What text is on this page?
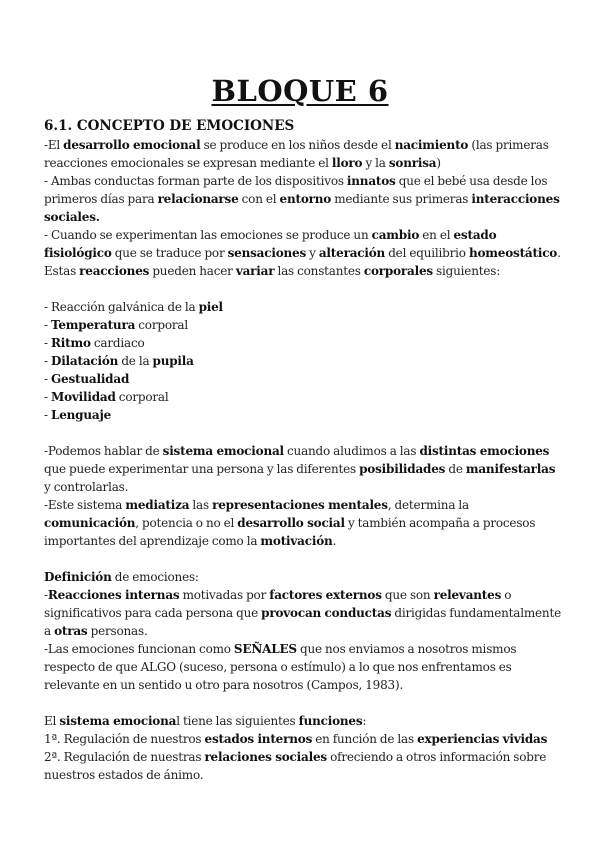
BLOQUE 6
6.1. CONCEPTO DE EMOCIONES

-El desarrollo emocional se produce en los niños desde el nacimiento (las primeras reacciones emocionales se expresan mediante el lloro y la sonrisa)

- Ambas conductas forman parte de los dispositivos innatos que el bebé usa desde los primeros días para relacionarse con el entorno mediante sus primeras interacciones sociales.

- Cuando se experimentan las emociones se produce un cambio en el estado fisiológico que se traduce por sensaciones y alteración del equilibrio homeostático.

Estas reacciones pueden hacer variar las constantes corporales siguientes:

- Reacción galvánica de la piel

- Temperatura corporal

- Ritmo cardiaco

- Dilatación de la pupila

- Gestualidad

- Movilidad corporal

- Lenguaje

-Podemos hablar de sistema emocional cuando aludimos a las distintas emociones que puede experimentar una persona y las diferentes posibilidades de manifestarlas y controlarlas.

-Este sistema mediatiza las representaciones mentales, determina la comunicación, potencia o no el desarrollo social y también acompaña a procesos importantes del aprendizaje como la motivación.

Definición de emociones:

-Reacciones internas motivadas por factores externos que son relevantes o significativos para cada persona que provocan conductas dirigidas fundamentalmente a otras personas.

-Las emociones funcionan como SEÑALES que nos enviamos a nosotros mismos respecto de que ALGO (suceso, persona o estímulo) a lo que nos enfrentamos es relevante en un sentido u otro para nosotros (Campos, 1983).

El sistema emocional tiene las siguientes funciones:

1ª. Regulación de nuestros estados internos en función de las experiencias vividas

2ª. Regulación de nuestras relaciones sociales ofreciendo a otros información sobre nuestros estados de ánimo.
